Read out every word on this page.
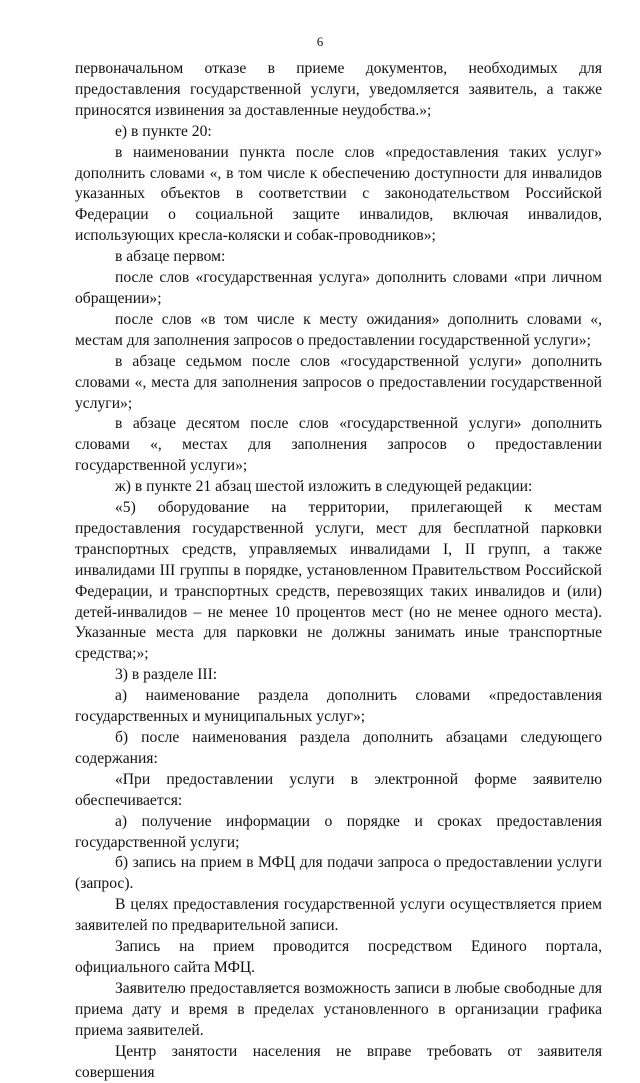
6

первоначальном отказе в приеме документов, необходимых для предоставления государственной услуги, уведомляется заявитель, а также приносятся извинения за доставленные неудобства.»;

е) в пункте 20:

в наименовании пункта после слов «предоставления таких услуг» дополнить словами «, в том числе к обеспечению доступности для инвалидов указанных объектов в соответствии с законодательством Российской Федерации о социальной защите инвалидов, включая инвалидов, использующих кресла-коляски и собак-проводников»;

в абзаце первом:

после слов «государственная услуга» дополнить словами «при личном обращении»;

после слов «в том числе к месту ожидания» дополнить словами «, местам для заполнения запросов о предоставлении государственной услуги»;

в абзаце седьмом после слов «государственной услуги» дополнить словами «, места для заполнения запросов о предоставлении государственной услуги»;

в абзаце десятом после слов «государственной услуги» дополнить словами «, местах для заполнения запросов о предоставлении государственной услуги»;

ж) в пункте 21 абзац шестой изложить в следующей редакции:

«5) оборудование на территории, прилегающей к местам предоставления государственной услуги, мест для бесплатной парковки транспортных средств, управляемых инвалидами I, II групп, а также инвалидами III группы в порядке, установленном Правительством Российской Федерации, и транспортных средств, перевозящих таких инвалидов и (или) детей-инвалидов – не менее 10 процентов мест (но не менее одного места). Указанные места для парковки не должны занимать иные транспортные средства;»;

3) в разделе III:

а) наименование раздела дополнить словами «предоставления государственных и муниципальных услуг»;

б) после наименования раздела дополнить абзацами следующего содержания:

«При предоставлении услуги в электронной форме заявителю обеспечивается:

а) получение информации о порядке и сроках предоставления государственной услуги;

б) запись на прием в МФЦ для подачи запроса о предоставлении услуги (запрос).

В целях предоставления государственной услуги осуществляется прием заявителей по предварительной записи.

Запись на прием проводится посредством Единого портала, официального сайта МФЦ.

Заявителю предоставляется возможность записи в любые свободные для приема дату и время в пределах установленного в организации графика приема заявителей.

Центр занятости населения не вправе требовать от заявителя совершения
